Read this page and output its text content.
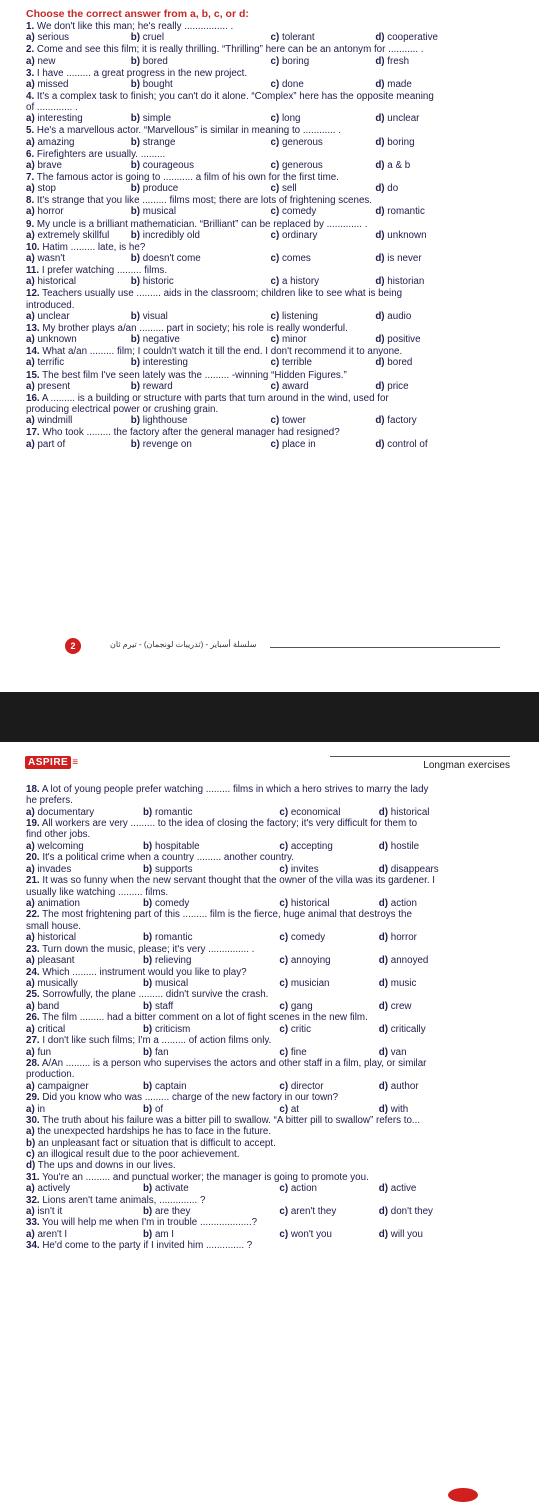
Choose the correct answer from a, b, c, or d:
1. We don't like this man; he's really ................ .
a) serious	b) cruel	c) tolerant	d) cooperative
2. Come and see this film; it is really thrilling. “Thrilling” here can be an antonym for ........... .
a) new	b) bored	c) boring	d) fresh
3. I have ......... a great progress in the new project.
a) missed	b) bought	c) done	d) made
4. It's a complex task to finish; you can't do it alone. “Complex” here has the opposite meaning
of ............. .
a) interesting	b) simple	c) long	d) unclear
5. He's a marvellous actor. “Marvellous” is similar in meaning to ............ .
a) amazing	b) strange	c) generous	d) boring
6. Firefighters are usually. .........
a) brave	b) courageous	c) generous	d) a & b
7. The famous actor is going to ........... a film of his own for the first time.
a) stop	b) produce	c) sell	d) do
8. It's strange that you like ......... films most; there are lots of frightening scenes.
a) horror	b) musical	c) comedy	d) romantic
9. My uncle is a brilliant mathematician. “Brilliant” can be replaced by ............. .
a) extremely skillful	b) incredibly old	c) ordinary	d) unknown
10. Hatim ......... late, is he?
a) wasn't	b) doesn't come	c) comes	d) is never
11. I prefer watching ......... films.
a) historical	b) historic	c) a history	d) historian
12. Teachers usually use ......... aids in the classroom; children like to see what is being
introduced.
a) unclear	b) visual	c) listening	d) audio
13. My brother plays a/an ......... part in society; his role is really wonderful.
a) unknown	b) negative	c) minor	d) positive
14. What a/an ......... film; I couldn't watch it till the end. I don't recommend it to anyone.
a) terrific	b) interesting	c) terrible	d) bored
15. The best film I've seen lately was the ......... -winning “Hidden Figures.”
a) present	b) reward	c) award	d) price
16. A ......... is a building or structure with parts that turn around in the wind, used for
producing electrical power or crushing grain.
a) windmill	b) lighthouse	c) tower	d) factory
17. Who took ......... the factory after the general manager had resigned?
a) part of	b) revenge on	c) place in	d) control of
2	سلسلة أسبایر - (تدریبات لونجمان) - تیرم ثان
ASPIRE ≡	Longman exercises
18. A lot of young people prefer watching ......... films in which a hero strives to marry the lady
he prefers.
a) documentary	b) romantic	c) economical	d) historical
19. All workers are very ......... to the idea of closing the factory; it's very difficult for them to
find other jobs.
a) welcoming	b) hospitable	c) accepting	d) hostile
20. It's a political crime when a country ......... another country.
a) invades	b) supports	c) invites	d) disappears
21. It was so funny when the new servant thought that the owner of the villa was its gardener. I
usually like watching ......... films.
a) animation	b) comedy	c) historical	d) action
22. The most frightening part of this ......... film is the fierce, huge animal that destroys the
small house.
a) historical	b) romantic	c) comedy	d) horror
23. Turn down the music, please; it's very ............... .
a) pleasant	b) relieving	c) annoying	d) annoyed
24. Which ......... instrument would you like to play?
a) musically	b) musical	c) musician	d) music
25. Sorrowfully, the plane ......... didn't survive the crash.
a) band	b) staff	c) gang	d) crew
26. The film ......... had a bitter comment on a lot of fight scenes in the new film.
a) critical	b) criticism	c) critic	d) critically
27. I don't like such films; I'm a ......... of action films only.
a) fun	b) fan	c) fine	d) van
28. A/An ......... is a person who supervises the actors and other staff in a film, play, or similar
production.
a) campaigner	b) captain	c) director	d) author
29. Did you know who was ......... charge of the new factory in our town?
a) in	b) of	c) at	d) with
30. The truth about his failure was a bitter pill to swallow. “A bitter pill to swallow” refers to...
a) the unexpected hardships he has to face in the future.
b) an unpleasant fact or situation that is difficult to accept.
c) an illogical result due to the poor achievement.
d) The ups and downs in our lives.
31. You're an ......... and punctual worker; the manager is going to promote you.
a) actively	b) activate	c) action	d) active
32. Lions aren't tame animals, .............. ?
a) isn't it	b) are they	c) aren't they	d) don't they
33. You will help me when I'm in trouble ...................?
a) aren't I	b) am I	c) won't you	d) will you
34. He'd come to the party if I invited him .............. ?
